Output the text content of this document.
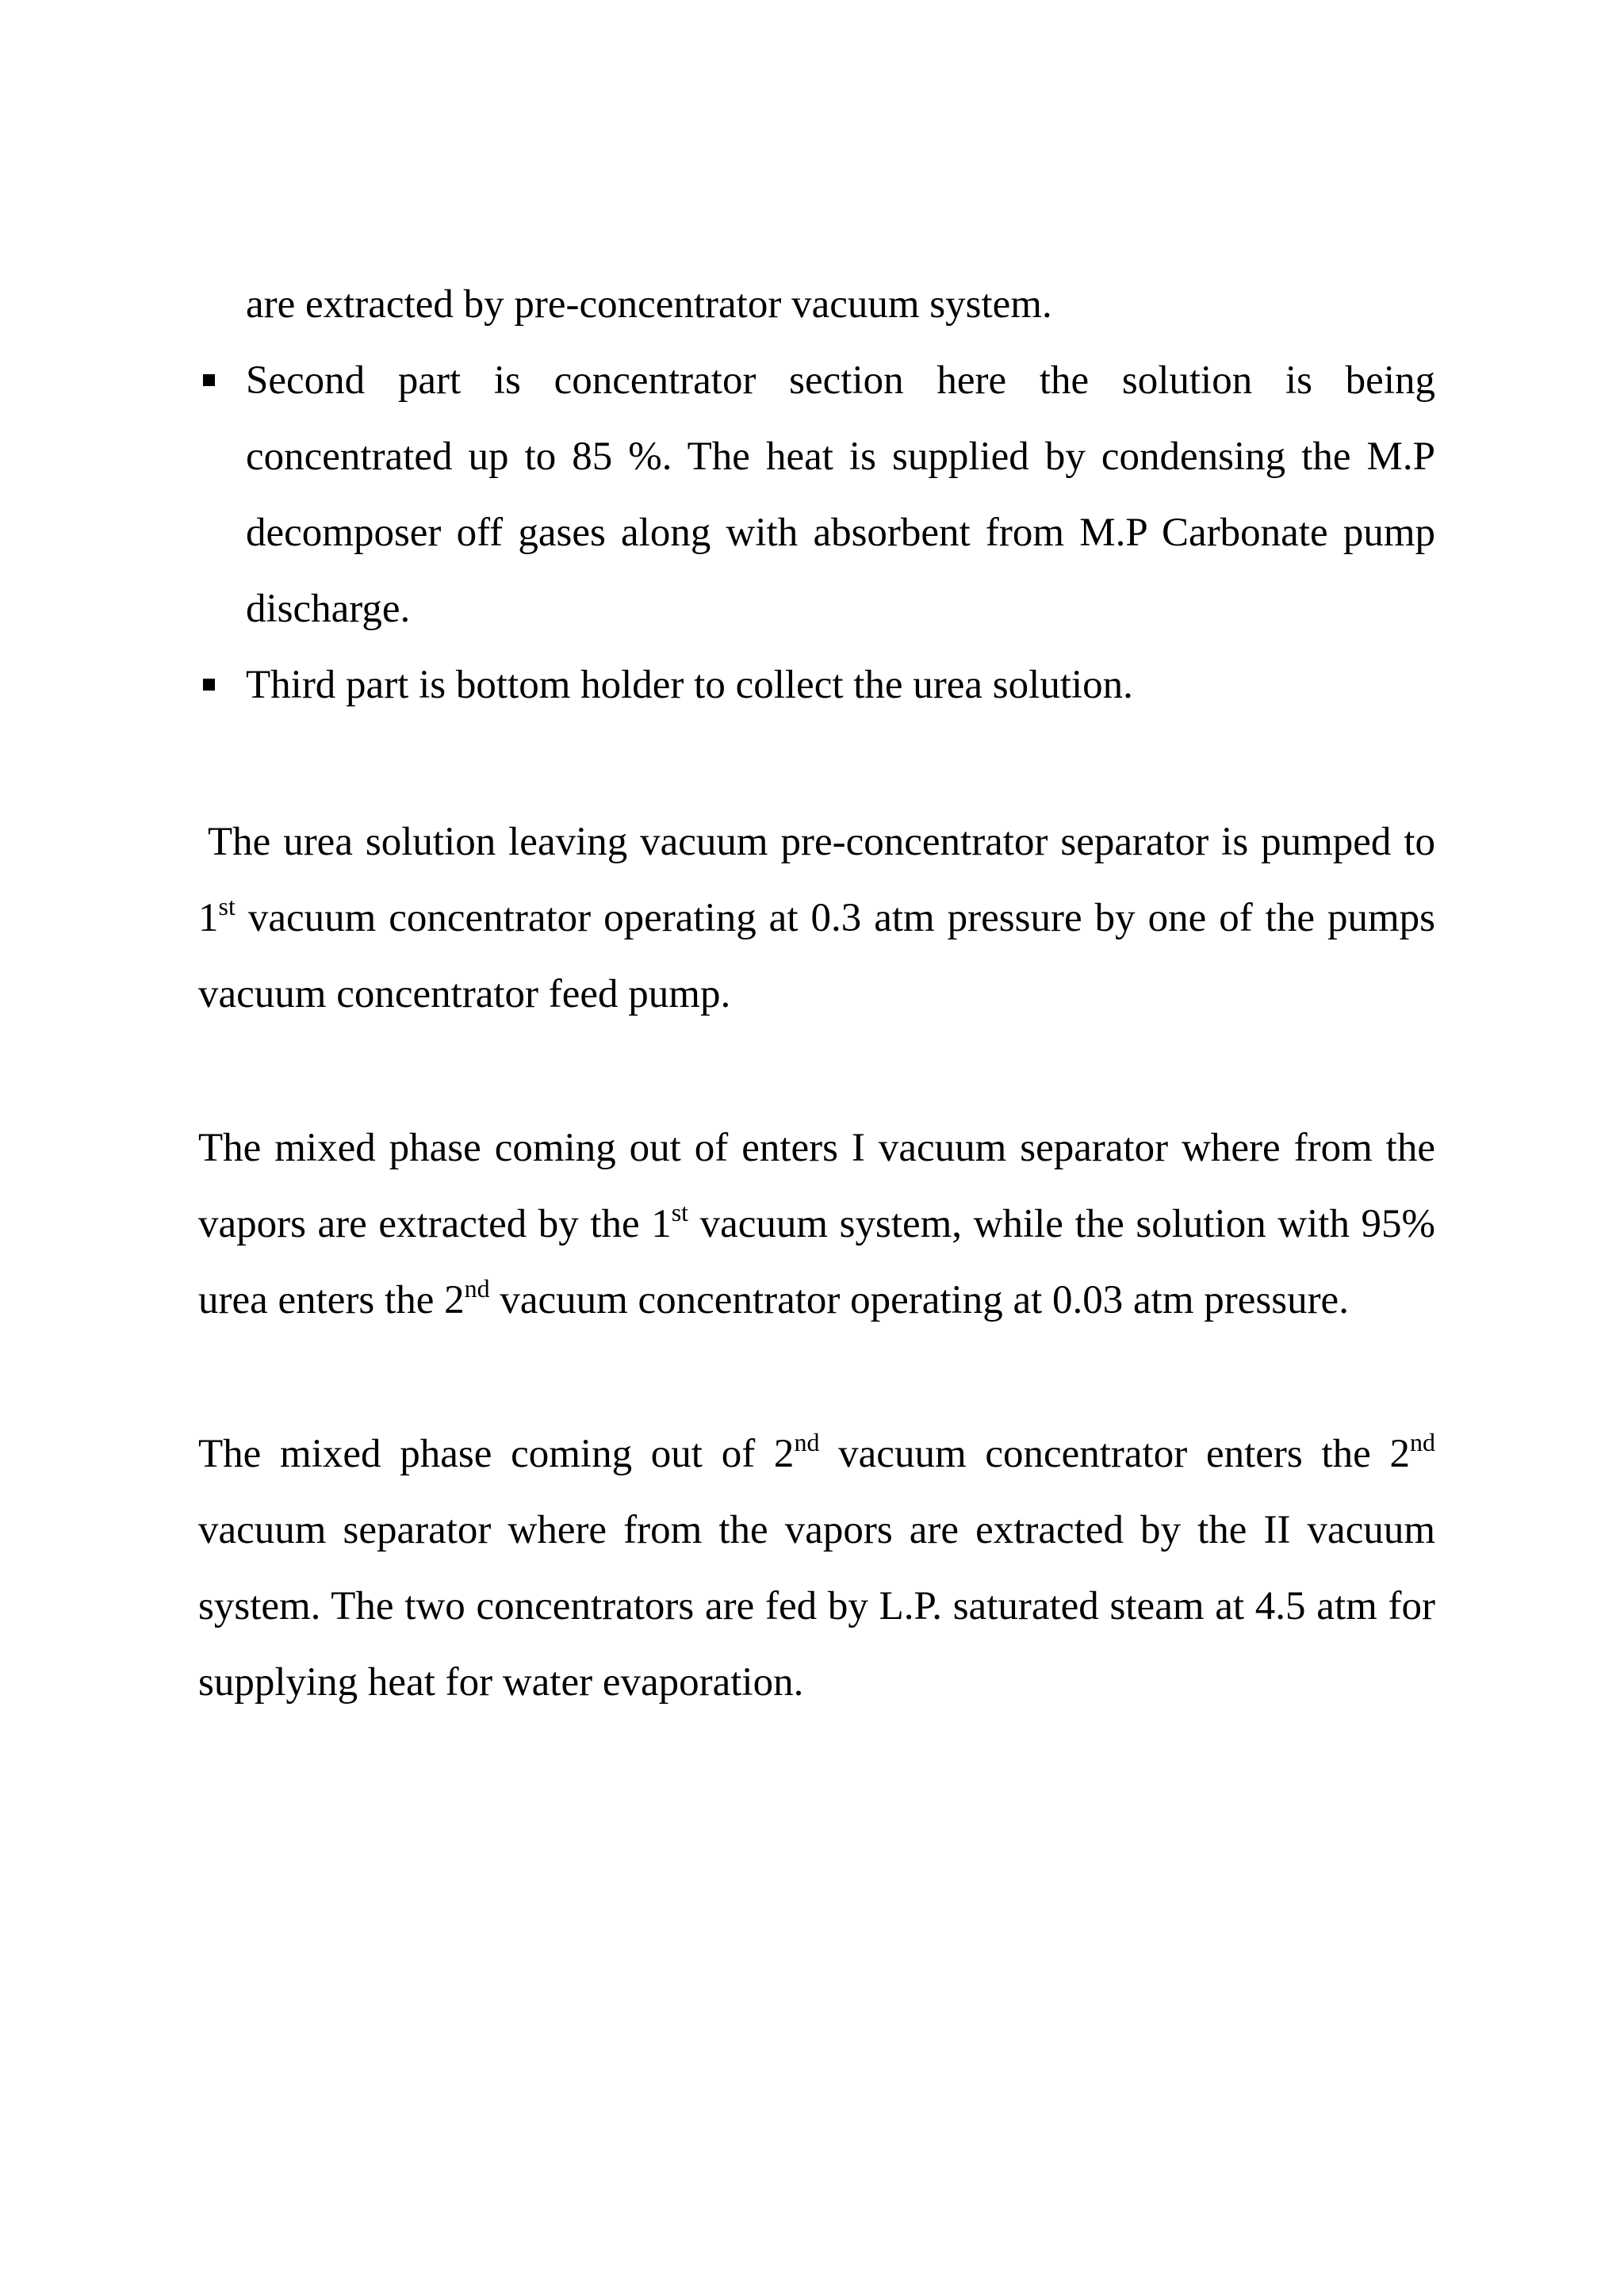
are extracted by pre-concentrator vacuum system.
Second part is concentrator section here the solution is being concentrated up to 85 %. The heat is supplied by condensing the M.P decomposer off gases along with absorbent from M.P Carbonate pump discharge.
Third part is bottom holder to collect the urea solution.

The urea solution leaving vacuum pre-concentrator separator is pumped to 1st vacuum concentrator operating at 0.3 atm pressure by one of the pumps vacuum concentrator feed pump.

The mixed phase coming out of enters I vacuum separator where from the vapors are extracted by the 1st vacuum system, while the solution with 95% urea enters the 2nd vacuum concentrator operating at 0.03 atm pressure.

The mixed phase coming out of 2nd vacuum concentrator enters the 2nd vacuum separator where from the vapors are extracted by the II vacuum system. The two concentrators are fed by L.P. saturated steam at 4.5 atm for supplying heat for water evaporation.
